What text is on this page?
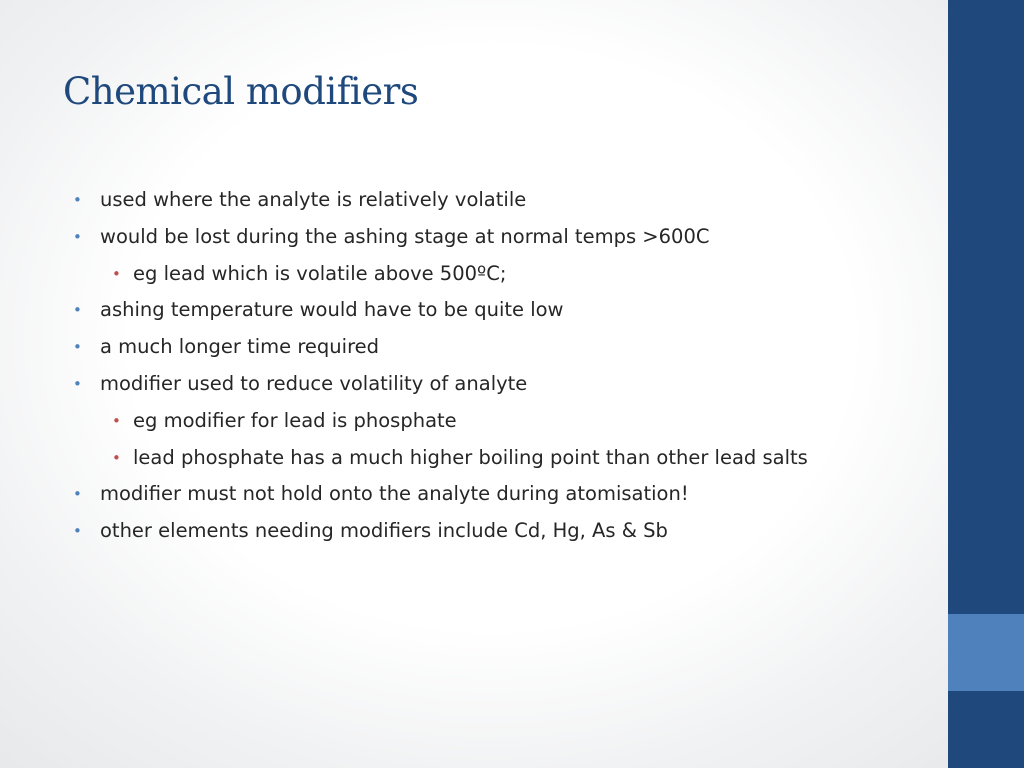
Chemical modifiers
• used where the analyte is relatively volatile
• would be lost during the ashing stage at normal temps >600C
• eg lead which is volatile above 500ºC;
• ashing temperature would have to be quite low
• a much longer time required
• modifier used to reduce volatility of analyte
• eg modifier for lead is phosphate
• lead phosphate has a much higher boiling point than other lead salts
• modifier must not hold onto the analyte during atomisation!
• other elements needing modifiers include Cd, Hg, As & Sb
